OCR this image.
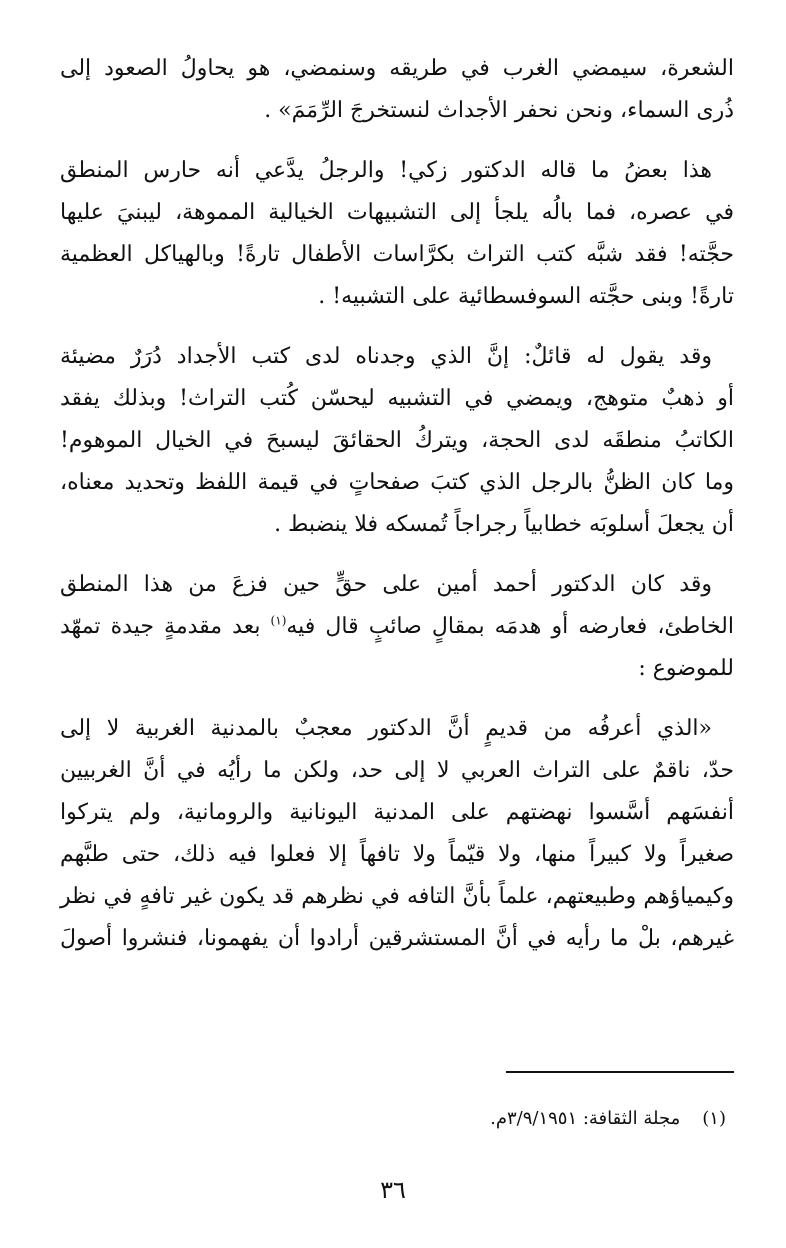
الشعرة، سيمضي الغرب في طريقه وسنمضي، هو يحاولُ الصعود إلى
ذُرى السماء، ونحن نحفر الأجداث لنستخرجَ الرِّمَمَ» .

هذا بعضُ ما قاله الدكتور زكي! والرجلُ يدَّعي أنه حارس المنطق
في عصره، فما بالُه يلجأ إلى التشبيهات الخيالية المموهة، ليبنيَ عليها
حجَّته! فقد شبَّه كتب التراث بكرَّاسات الأطفال تارةً! وبالهياكل العظمية
تارةً! وبنى حجَّته السوفسطائية على التشبيه! .

وقد يقول له قائلٌ: إنَّ الذي وجدناه لدى كتب الأجداد دُرَرٌ مضيئة
أو ذهبٌ متوهج، ويمضي في التشبيه ليحسّن كُتب التراث! وبذلك يفقد
الكاتبُ منطقَه لدى الحجة، ويتركُ الحقائقَ ليسبحَ في الخيال الموهوم!
وما كان الظنُّ بالرجل الذي كتبَ صفحاتٍ في قيمة اللفظ وتحديد معناه،
أن يجعلَ أسلوبَه خطابياً رجراجاً تُمسكه فلا ينضبط .

وقد كان الدكتور أحمد أمين على حقٍّ حين فزعَ من هذا المنطق
الخاطئ، فعارضه أو هدمَه بمقالٍ صائبٍ قال فيه$^{(١)}$ بعد مقدمةٍ جيدة تمهّد
للموضوع :

«الذي أعرفُه من قديمٍ أنَّ الدكتور معجبٌ بالمدنية الغربية لا إلى
حدّ، ناقمٌ على التراث العربي لا إلى حد، ولكن ما رأيُه في أنَّ الغربيين
أنفسَهم أسَّسوا نهضتهم على المدنية اليونانية والرومانية، ولم يتركوا
صغيراً ولا كبيراً منها، ولا قيّماً ولا تافهاً إلا فعلوا فيه ذلك، حتى طبَّهم
وكيمياؤهم وطبيعتهم، علماً بأنَّ التافه في نظرهم قد يكون غير تافهٍ في نظر
غيرهم، بلْ ما رأيه في أنَّ المستشرقين أرادوا أن يفهمونا، فنشروا أصولَ

(١)مجلة الثقافة: ٣/٩/١٩٥١م.
٣٦
